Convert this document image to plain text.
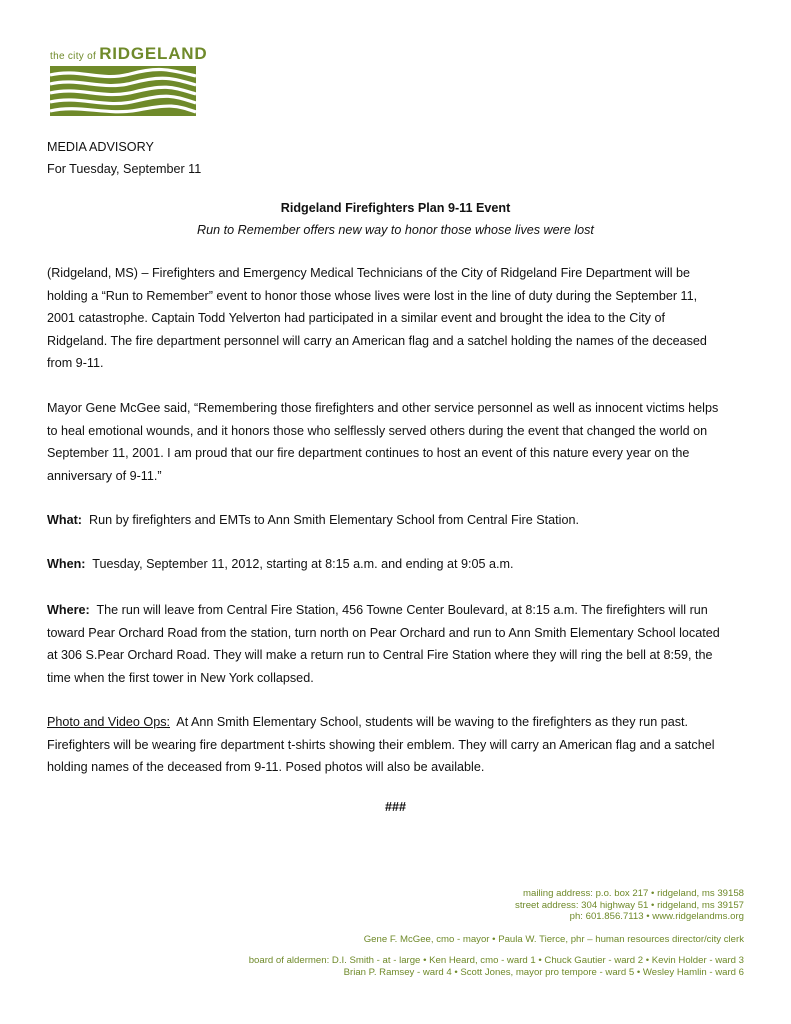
the city of RIDGELAND
MEDIA ADVISORY
For Tuesday, September 11
Ridgeland Firefighters Plan 9-11 Event
Run to Remember offers new way to honor those whose lives were lost

(Ridgeland, MS) – Firefighters and Emergency Medical Technicians of the City of Ridgeland Fire Department will be

holding a “Run to Remember” event to honor those whose lives were lost in the line of duty during the September 11,

2001 catastrophe. Captain Todd Yelverton had participated in a similar event and brought the idea to the City of

Ridgeland. The fire department personnel will carry an American flag and a satchel holding the names of the deceased

from 9-11.

Mayor Gene McGee said, “Remembering those firefighters and other service personnel as well as innocent victims helps

to heal emotional wounds, and it honors those who selflessly served others during the event that changed the world on

September 11, 2001. I am proud that our fire department continues to host an event of this nature every year on the

anniversary of 9-11.”

What:  Run by firefighters and EMTs to Ann Smith Elementary School from Central Fire Station.

When:  Tuesday, September 11, 2012, starting at 8:15 a.m. and ending at 9:05 a.m.

Where:  The run will leave from Central Fire Station, 456 Towne Center Boulevard, at 8:15 a.m. The firefighters will run

toward Pear Orchard Road from the station, turn north on Pear Orchard and run to Ann Smith Elementary School located

at 306 S.Pear Orchard Road. They will make a return run to Central Fire Station where they will ring the bell at 8:59, the

time when the first tower in New York collapsed.

Photo and Video Ops:  At Ann Smith Elementary School, students will be waving to the firefighters as they run past.

Firefighters will be wearing fire department t-shirts showing their emblem. They will carry an American flag and a satchel

holding names of the deceased from 9-11. Posed photos will also be available.

###
mailing address: p.o. box 217 • ridgeland, ms 39158
street address: 304 highway 51 • ridgeland, ms 39157
ph: 601.856.7113 • www.ridgelandms.org
Gene F. McGee, cmo - mayor • Paula W. Tierce, phr – human resources director/city clerk
board of aldermen: D.I. Smith - at - large • Ken Heard, cmo - ward 1 • Chuck Gautier - ward 2 • Kevin Holder - ward 3
Brian P. Ramsey - ward 4 • Scott Jones, mayor pro tempore - ward 5 • Wesley Hamlin - ward 6
